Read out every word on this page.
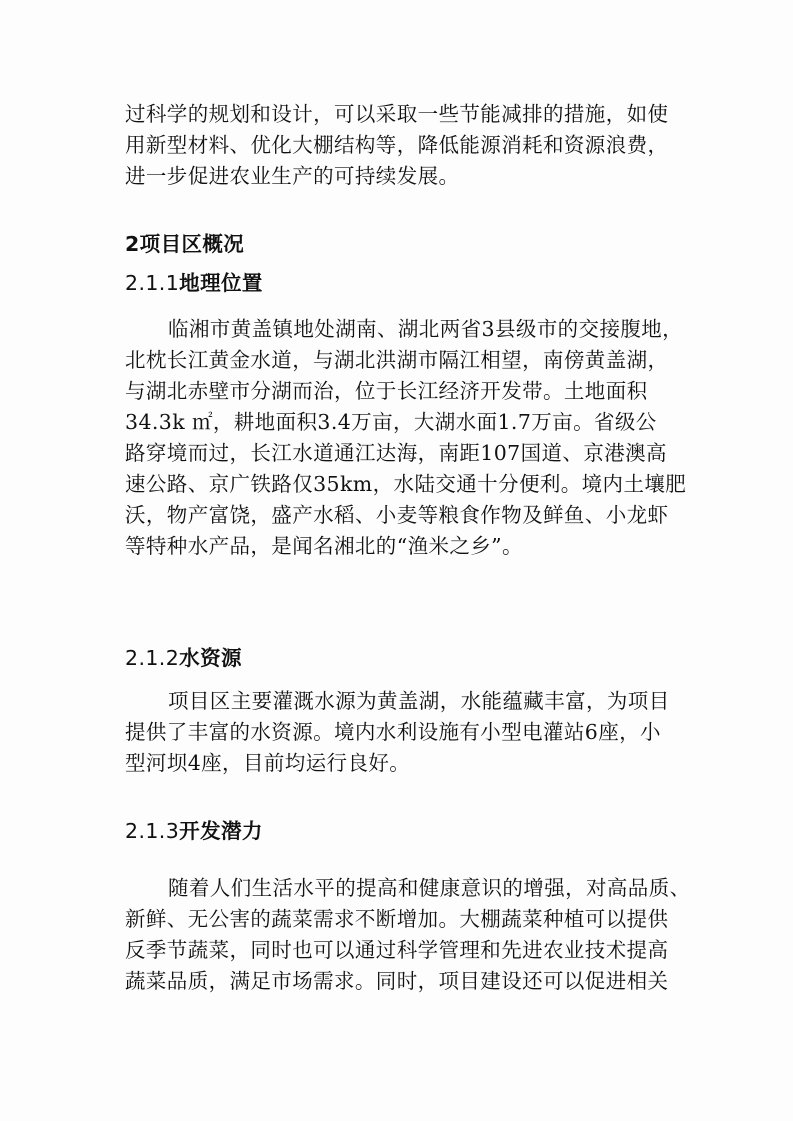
过科学的规划和设计，可以采取一些节能减排的措施，如使
用新型材料、优化大棚结构等，降低能源消耗和资源浪费，
进一步促进农业生产的可持续发展。
2项目区概况
2.1.1地理位置
临湘市黄盖镇地处湖南、湖北两省3县级市的交接腹地，
北枕长江黄金水道，与湖北洪湖市隔江相望，南傍黄盖湖，
与湖北赤壁市分湖而治，位于长江经济开发带。土地面积
34.3k ㎡，耕地面积3.4万亩，大湖水面1.7万亩。省级公
路穿境而过，长江水道通江达海，南距107国道、京港澳高
速公路、京广铁路仅35km，水陆交通十分便利。境内土壤肥
沃，物产富饶，盛产水稻、小麦等粮食作物及鲜鱼、小龙虾
等特种水产品，是闻名湘北的“渔米之乡”。
2.1.2水资源
项目区主要灌溉水源为黄盖湖，水能蕴藏丰富，为项目
提供了丰富的水资源。境内水利设施有小型电灌站6座，小
型河坝4座，目前均运行良好。
2.1.3开发潜力
随着人们生活水平的提高和健康意识的增强，对高品质、
新鲜、无公害的蔬菜需求不断增加。大棚蔬菜种植可以提供
反季节蔬菜，同时也可以通过科学管理和先进农业技术提高
蔬菜品质，满足市场需求。同时，项目建设还可以促进相关
